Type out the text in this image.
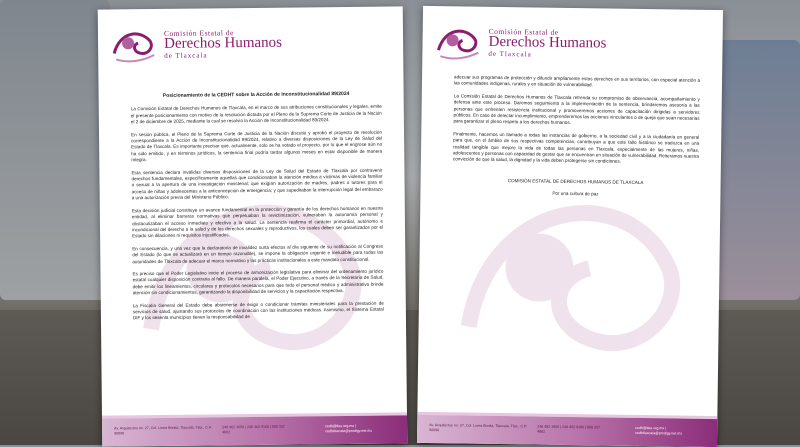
Comisión Estatal de
Derechos Humanos
de Tlaxcala
Posicionamiento de la CEDHT sobre la Acción de Inconstitucionalidad 89/2024

La Comisión Estatal de Derechos Humanos de Tlaxcala, en el marco de sus atribuciones constitucionales y legales, emite el presente posicionamiento con motivo de la resolución dictada por el Pleno de la Suprema Corte de Justicia de la Nación el 2 de diciembre de 2025, mediante la cual se resolvió la Acción de Inconstitucionalidad 89/2024.

En sesión pública, el Pleno de la Suprema Corte de Justicia de la Nación discutió y aprobó el proyecto de resolución correspondiente a la Acción de Inconstitucionalidad 89/2024, relativo a diversas disposiciones de la Ley de Salud del Estado de Tlaxcala. Es importante precisar que, actualmente, solo se ha votado el proyecto, por lo que el engrose aún no ha sido emitido, y en términos jurídicos, la sentencia final podría tardar algunos meses en estar disponible de manera íntegra.

Esta sentencia declara inválidas diversas disposiciones de la Ley de Salud del Estado de Tlaxcala por contravenir derechos fundamentales, específicamente aquellas que condicionaban la atención médica a víctimas de violencia familiar o sexual a la apertura de una investigación ministerial; que exigían autorización de madres, padres o tutores para el acceso de niñas y adolescentes a la anticoncepción de emergencia; y que supeditaban la interrupción legal del embarazo a una autorización previa del Ministerio Público.

Esta decisión judicial constituye un avance fundamental en la protección y garantía de los derechos humanos en nuestra entidad, al eliminar barreras normativas que perpetuaban la revictimización, vulneraban la autonomía personal y obstaculizaban el acceso inmediato y efectivo a la salud. La sentencia reafirma el carácter primordial, autónomo e incondicional del derecho a la salud y de los derechos sexuales y reproductivos, los cuales deben ser garantizados por el Estado sin dilaciones ni requisitos injustificados.

En consecuencia, y una vez que la declaratoria de invalidez surta efectos al día siguiente de su notificación al Congreso del Estado (lo que se actualizará en un tiempo razonable), se impone la obligación urgente e ineludible para todas las autoridades de Tlaxcala de adecuar el marco normativo y las prácticas institucionales a este mandato constitucional.

Es preciso que el Poder Legislativo inicie el proceso de armonización legislativa para eliminar del ordenamiento jurídico estatal cualquier disposición contraria al fallo. De manera paralela, el Poder Ejecutivo, a través de la Secretaría de Salud, debe emitir los lineamientos, circulares y protocolos necesarios para que todo el personal médico y administrativo brinde atención sin condicionamientos, garantizando la disponibilidad de servicios y la capacitación respectiva.

La Fiscalía General del Estado debe abstenerse de exigir o condicionar trámites ministeriales para la prestación de servicios de salud, ajustando sus protocolos de coordinación con las instituciones médicas. Asimismo, el Sistema Estatal DIF y los sesenta municipios tienen la responsabilidad de

Av. Arquitectos no. 27, Col. Loma Bonita, Tlaxcala, Tlax., C.P. 90090
246 462 1650 | 246 462 9160 | 800 337 4862
cedh@tlax.org.mx | cedhtlaxcala@prodigy.net.mx
Comisión Estatal de
Derechos Humanos
de Tlaxcala

adecuar sus programas de protección y difundir ampliamente estos derechos en sus territorios, con especial atención a las comunidades indígenas, rurales y en situación de vulnerabilidad.

La Comisión Estatal de Derechos Humanos de Tlaxcala refrenda su compromiso de observancia, acompañamiento y defensa ante este proceso. Daremos seguimiento a la implementación de la sentencia, brindaremos asesoría a las personas que enfrenten resistencia institucional y promoveremos acciones de capacitación dirigidas a servidores públicos. En caso de detectar incumplimiento, emprenderemos las acciones vinculantes o de queja que sean necesarias para garantizar el pleno respeto a los derechos humanos.

Finalmente, hacemos un llamado a todas las instancias de gobierno, a la sociedad civil y a la ciudadanía en general para que, en el ámbito de sus respectivas competencias, contribuyan a que este fallo histórico se traduzca en una realidad tangible que mejore la vida de todas las personas en Tlaxcala, especialmente de las mujeres, niñas, adolescentes y personas con capacidad de gestar que se encuentran en situación de vulnerabilidad. Reiteramos nuestra convicción de que la salud, la dignidad y la vida deben protegerse sin condiciones.

COMISIÓN ESTATAL DE DERECHOS HUMANOS DE TLAXCALA
Por una cultura de paz
Av. Arquitectos no. 27, Col. Loma Bonita, Tlaxcala, Tlax., C.P. 90090
246 462 1650 | 246 462 9160 | 800 337 4862
cedh@tlax.org.mx | cedhtlaxcala@prodigy.net.mx
